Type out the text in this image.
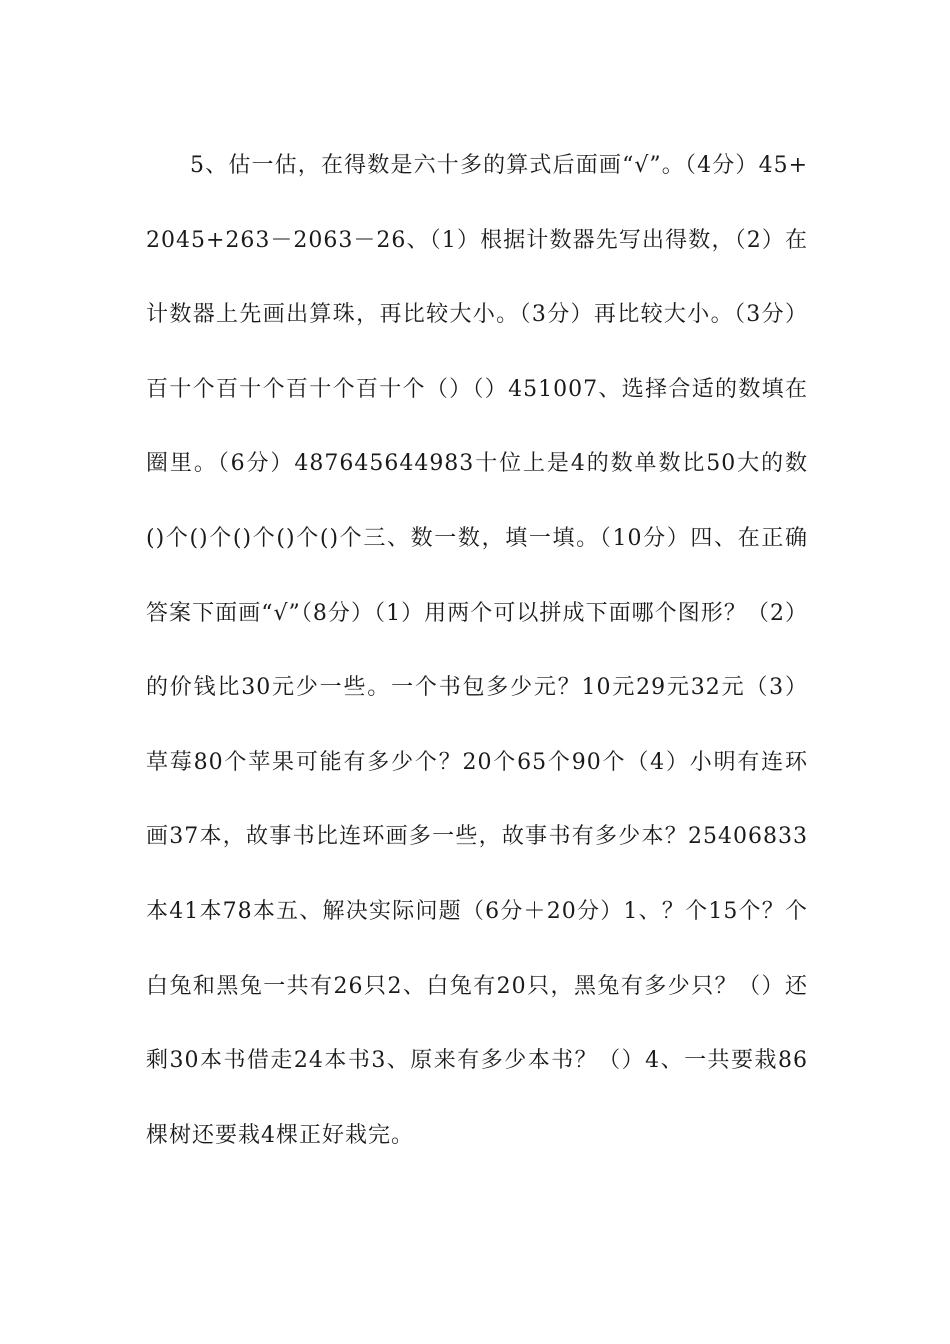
5、估一估，在得数是六十多的算式后面画“√”。（4分）45+2045+263－2063－26、（1）根据计数器先写出得数，（2）在计数器上先画出算珠，再比较大小。（3分）再比较大小。（3分）百十个百十个百十个百十个（）（）451007、选择合适的数填在圈里。（6分）487645644983十位上是4的数单数比50大的数()个()个()个()个()个三、数一数，填一填。（10分）四、在正确答案下面画“√”（8分）（1）用两个可以拼成下面哪个图形？（2）的价钱比30元少一些。一个书包多少元？10元29元32元（3）草莓80个苹果可能有多少个？20个65个90个（4）小明有连环画37本，故事书比连环画多一些，故事书有多少本？25406833本41本78本五、解决实际问题（6分＋20分）1、？个15个？个白兔和黑兔一共有26只2、白兔有20只，黑兔有多少只？（）还剩30本书借走24本书3、原来有多少本书？（）4、一共要栽86棵树还要栽4棵正好栽完。
